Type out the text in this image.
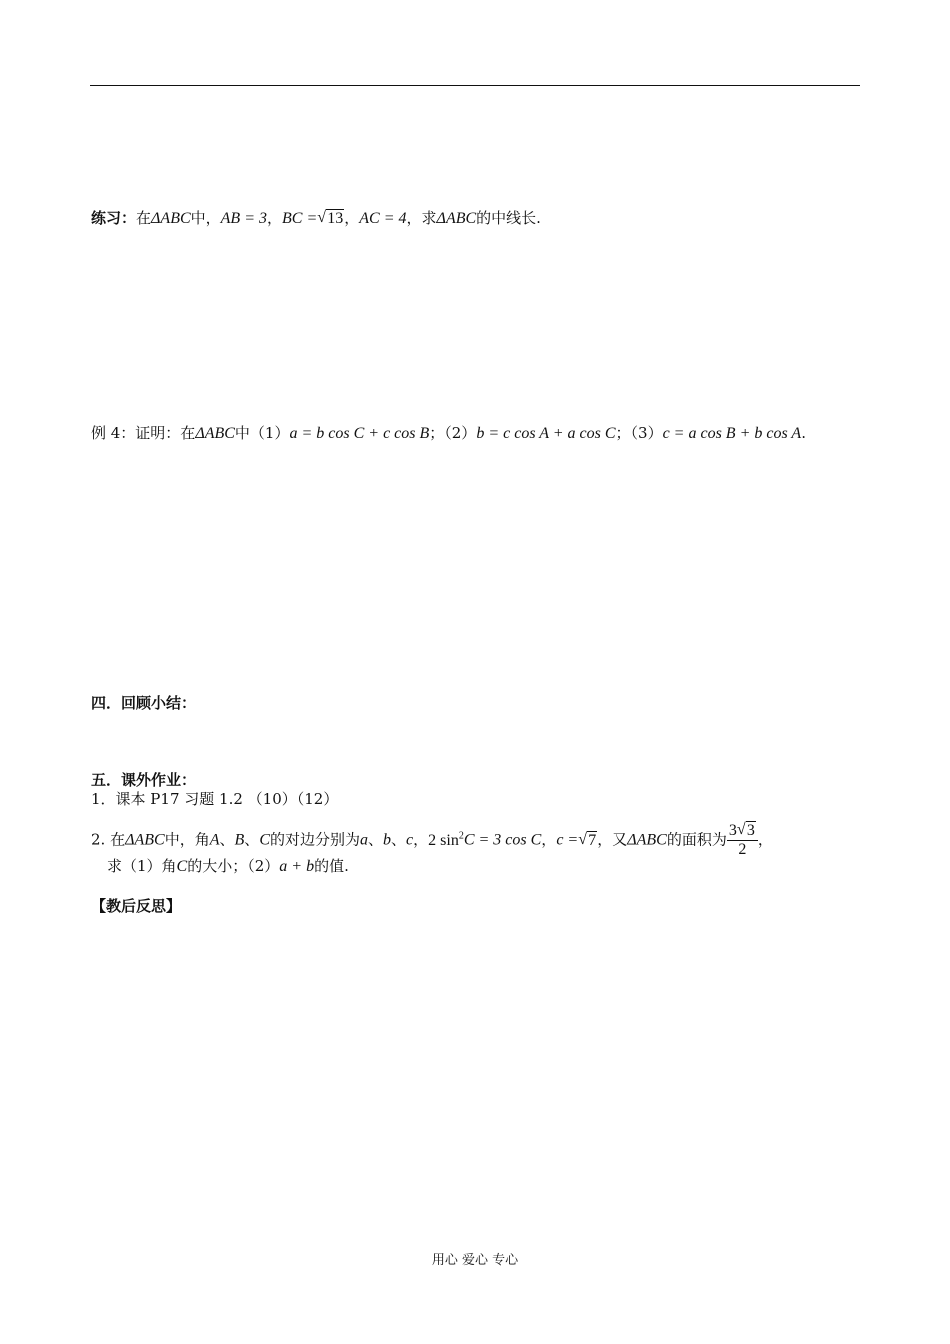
练习：在ΔABC中，AB = 3，BC = √ 13，AC = 4，求ΔABC的中线长.
例 4：证明：在ΔABC中（1）a = b cos C + c cos B；（2）b = c cos A + a cos C；（3）c = a cos B + b cos A.
四．回顾小结：
五．课外作业：
1．课本 P17 习题 1.2 （10）（12）
2. 在ΔABC中，角A、B、C的对边分别为a、b、c，2 $\sin^2C = 3$ cos C，c = √ 7，又ΔABC的面积为 $\frac{3 √ 3}{2}$ ，
求（1）角C的大小；（2）a + b的值.
【教后反思】
用心 爱心 专心
